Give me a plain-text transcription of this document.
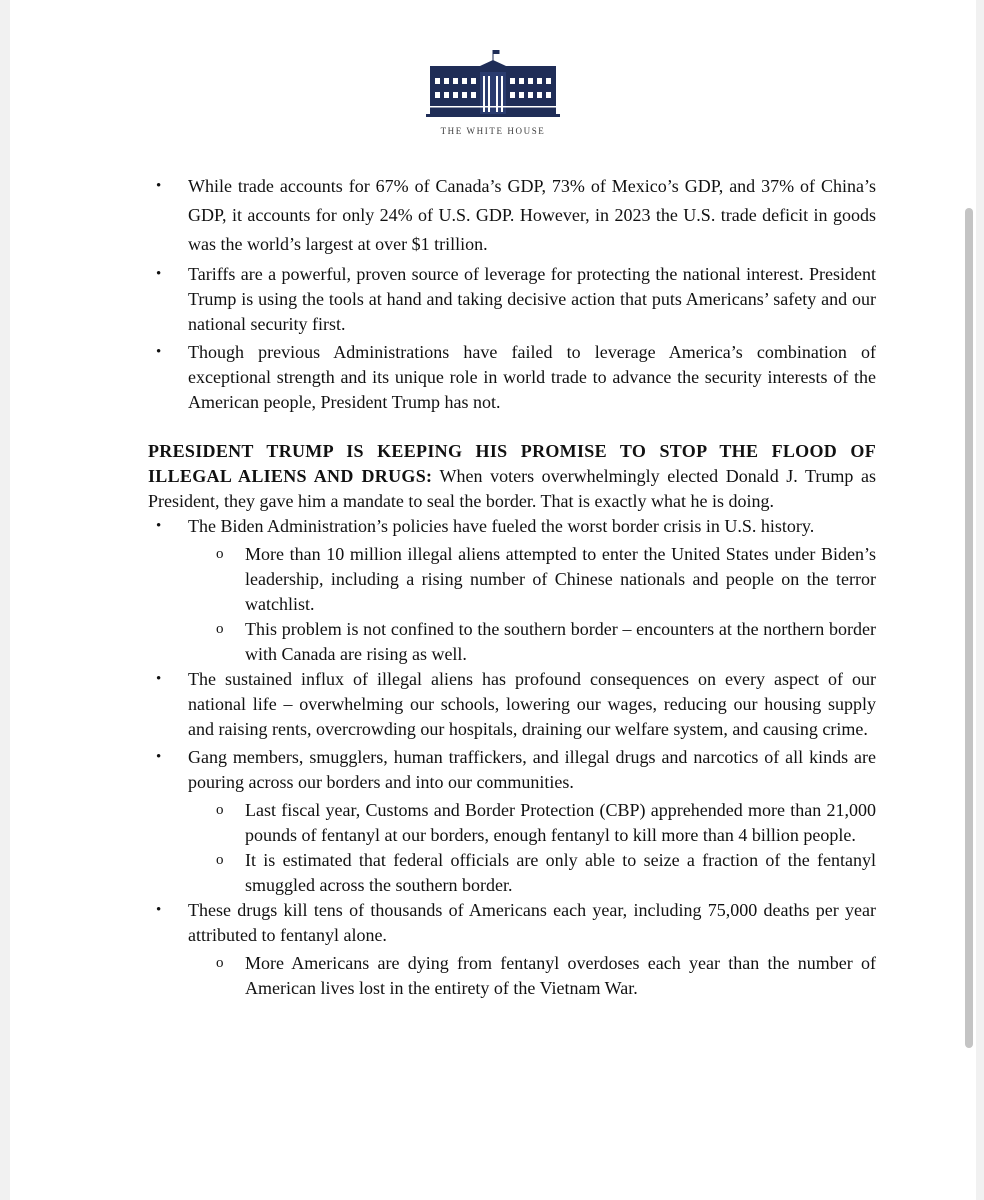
THE WHITE HOUSE
• While trade accounts for 67% of Canada’s GDP, 73% of Mexico’s GDP, and 37% of China’s GDP, it accounts for only 24% of U.S. GDP. However, in 2023 the U.S. trade deficit in goods was the world’s largest at over $1 trillion.
• Tariffs are a powerful, proven source of leverage for protecting the national interest. President Trump is using the tools at hand and taking decisive action that puts Americans’ safety and our national security first.
• Though previous Administrations have failed to leverage America’s combination of exceptional strength and its unique role in world trade to advance the security interests of the American people, President Trump has not.
PRESIDENT TRUMP IS KEEPING HIS PROMISE TO STOP THE FLOOD OF ILLEGAL ALIENS AND DRUGS: When voters overwhelmingly elected Donald J. Trump as President, they gave him a mandate to seal the border. That is exactly what he is doing.
• The Biden Administration’s policies have fueled the worst border crisis in U.S. history.
o More than 10 million illegal aliens attempted to enter the United States under Biden’s leadership, including a rising number of Chinese nationals and people on the terror watchlist.
o This problem is not confined to the southern border – encounters at the northern border with Canada are rising as well.
• The sustained influx of illegal aliens has profound consequences on every aspect of our national life – overwhelming our schools, lowering our wages, reducing our housing supply and raising rents, overcrowding our hospitals, draining our welfare system, and causing crime.
• Gang members, smugglers, human traffickers, and illegal drugs and narcotics of all kinds are pouring across our borders and into our communities.
o Last fiscal year, Customs and Border Protection (CBP) apprehended more than 21,000 pounds of fentanyl at our borders, enough fentanyl to kill more than 4 billion people.
o It is estimated that federal officials are only able to seize a fraction of the fentanyl smuggled across the southern border.
• These drugs kill tens of thousands of Americans each year, including 75,000 deaths per year attributed to fentanyl alone.
o More Americans are dying from fentanyl overdoses each year than the number of American lives lost in the entirety of the Vietnam War.
